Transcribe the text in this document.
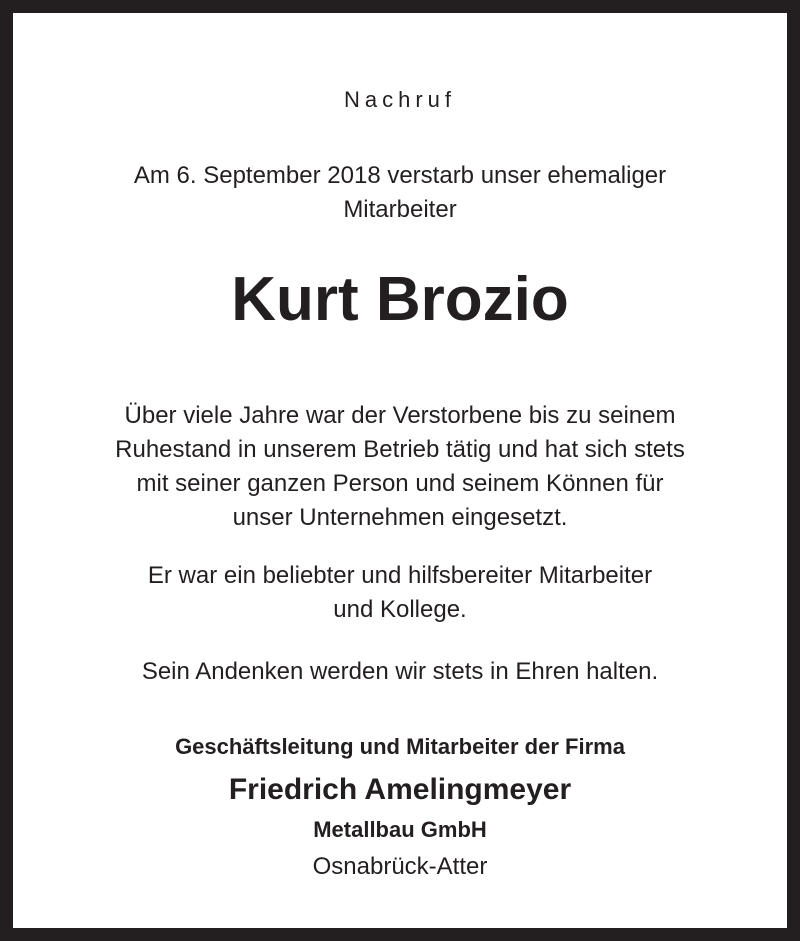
Nachruf
Am 6. September 2018 verstarb unser ehemaliger
Mitarbeiter
Kurt Brozio
Über viele Jahre war der Verstorbene bis zu seinem
Ruhestand in unserem Betrieb tätig und hat sich stets
mit seiner ganzen Person und seinem Können für
unser Unternehmen eingesetzt.
Er war ein beliebter und hilfsbereiter Mitarbeiter
und Kollege.
Sein Andenken werden wir stets in Ehren halten.
Geschäftsleitung und Mitarbeiter der Firma
Friedrich Amelingmeyer
Metallbau GmbH
Osnabrück-Atter
